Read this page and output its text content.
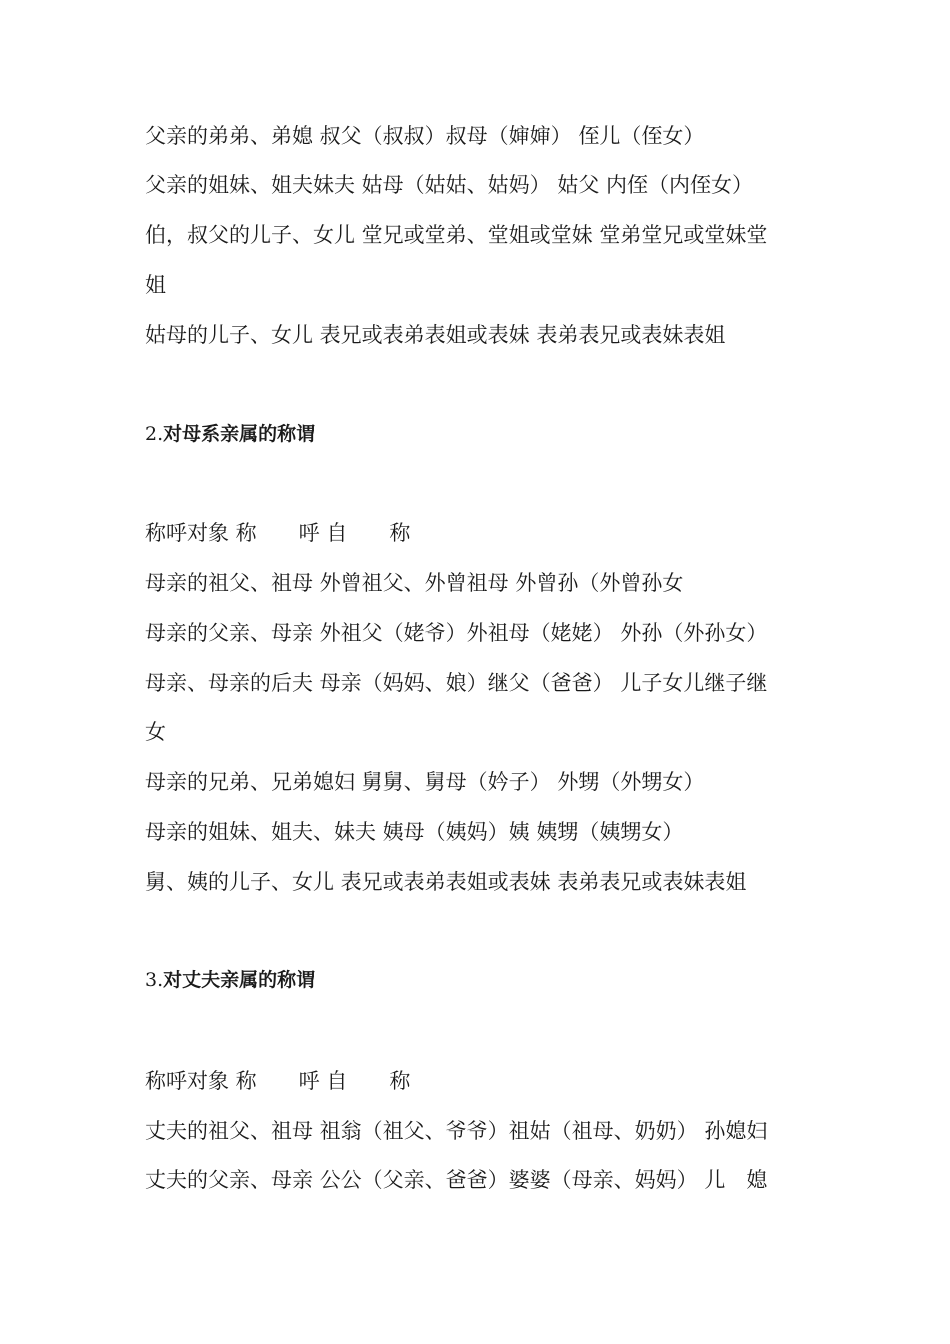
父亲的弟弟、弟媳 叔父（叔叔）叔母（婶婶） 侄儿（侄女）
父亲的姐妹、姐夫妹夫 姑母（姑姑、姑妈） 姑父 内侄（内侄女）
伯，叔父的儿子、女儿 堂兄或堂弟、堂姐或堂妹 堂弟堂兄或堂妹堂
姐
姑母的儿子、女儿 表兄或表弟表姐或表妹 表弟表兄或表妹表姐
2.对母系亲属的称谓
称呼对象 称　　呼 自　　称
母亲的祖父、祖母 外曾祖父、外曾祖母 外曾孙（外曾孙女
母亲的父亲、母亲 外祖父（姥爷）外祖母（姥姥） 外孙（外孙女）
母亲、母亲的后夫 母亲（妈妈、娘）继父（爸爸） 儿子女儿继子继
女
母亲的兄弟、兄弟媳妇 舅舅、舅母（妗子） 外甥（外甥女）
母亲的姐妹、姐夫、妹夫 姨母（姨妈）姨 姨甥（姨甥女）
舅、姨的儿子、女儿 表兄或表弟表姐或表妹 表弟表兄或表妹表姐
3.对丈夫亲属的称谓
称呼对象 称　　呼 自　　称
丈夫的祖父、祖母 祖翁（祖父、爷爷）祖姑（祖母、奶奶） 孙媳妇
丈夫的父亲、母亲 公公（父亲、爸爸）婆婆（母亲、妈妈） 儿　媳
